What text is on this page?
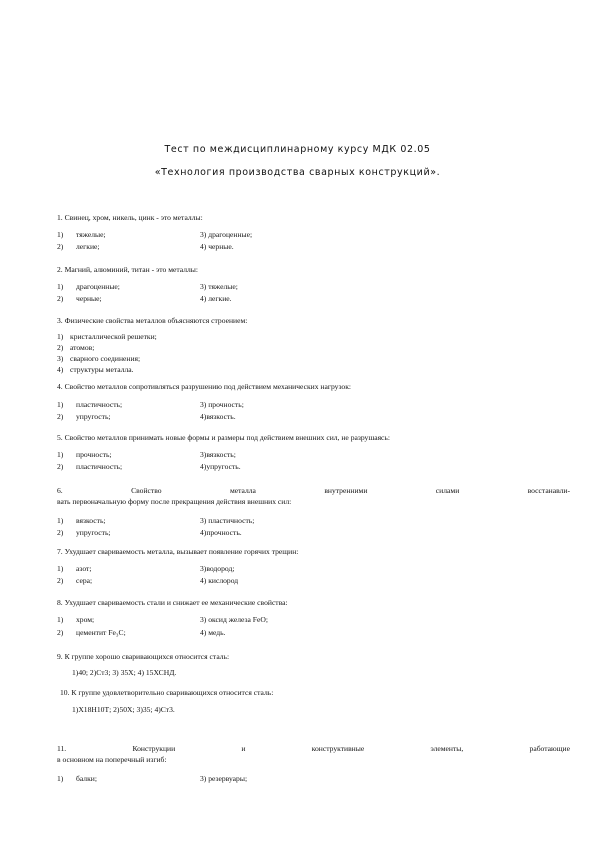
Тест по междисциплинарному курсу МДК 02.05
«Технология производства сварных конструкций».
1. Свинец, хром, никель, цинк - это металлы:
1) тяжелые;	3) драгоценные;
2) легкие;	4) черные.
2. Магний, алюминий, титан - это металлы:
1) драгоценные;	3) тяжелые;
2) черные;	4) легкие.
3. Физические свойства металлов объясняются строением:
1) кристаллической решетки;
2) атомов;
3) сварного соединения;
4) структуры металла.
4. Свойство металлов сопротивляться разрушению под действием механических нагрузок:
1) пластичность;	3) прочность;
2) упругость;	4)вязкость.
5. Свойство металлов принимать новые формы и размеры под действием внешних сил, не разрушаясь:
1) прочность;	3)вязкость;
2) пластичность;	4)упругость.
6. Свойство металла внутренними силами восстанавли-
вать первоначальную форму после прекращения действия внешних сил:
1) вязкость;	3) пластичность;
2) упругость;	4)прочность.
7. Ухудшает свариваемость металла, вызывает появление горячих трещин:
1) азот;	3)водород;
2) сера;	4) кислород
8. Ухудшает свариваемость стали и снижает ее механические свойства:
1) хром;	3) оксид железа FeO;
2) цементит Fe₃C;	4) медь.
9. К группе хорошо сваривающихся относится сталь:
1)40; 2)Ст3; 3) 35Х; 4) 15ХСНД.
10. К группе удовлетворительно сваривающихся относится сталь:
1)Х18Н10Т; 2)50Х; 3)35; 4)Ст3.
11. Конструкции и конструктивные элементы, работающие
в основном на поперечный изгиб:
1) балки;	3) резервуары;
